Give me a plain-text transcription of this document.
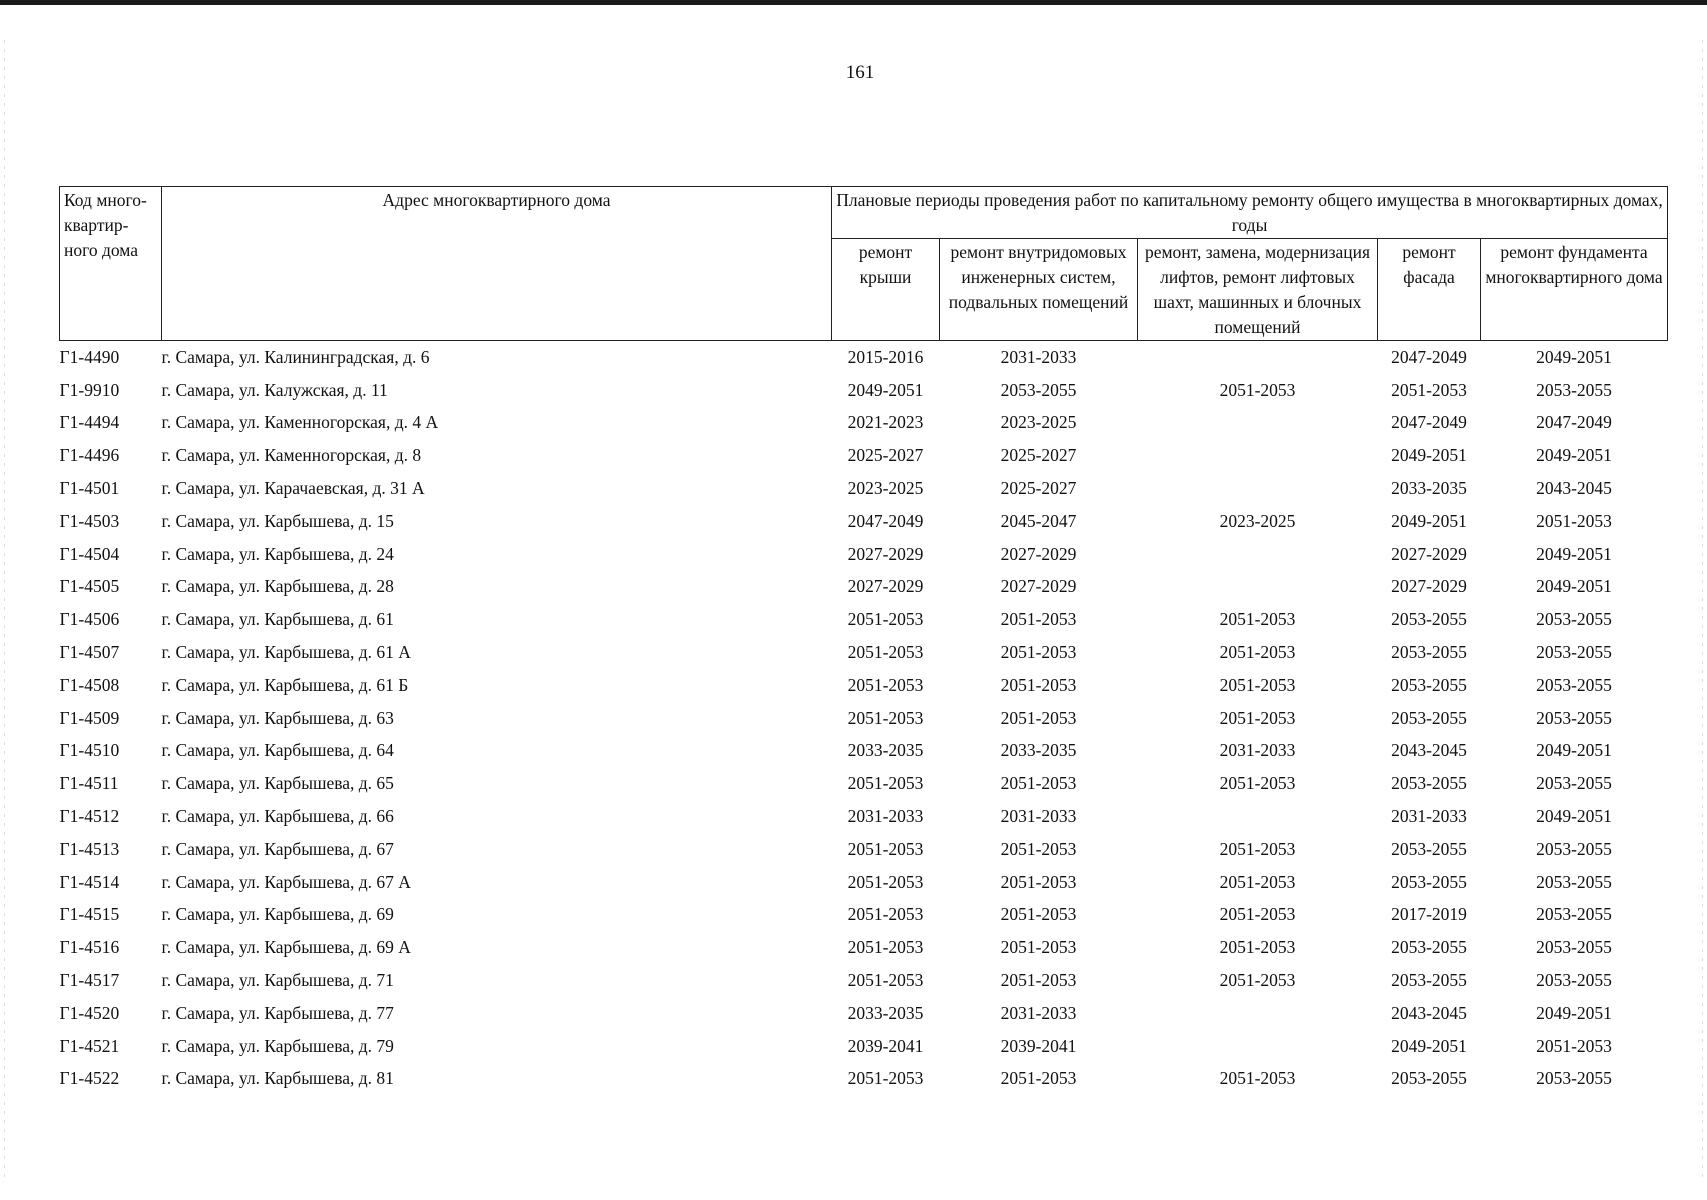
161
Код много-квартир-ного дома	Адрес многоквартирного дома	Плановые периоды проведения работ по капитальному ремонту общего имущества в многоквартирных домах, годы				
		ремонт крыши	ремонт внутридомовых инженерных систем, подвальных помещений	ремонт, замена, модернизация лифтов, ремонт лифтовых шахт, машинных и блочных помещений	ремонт фасада	ремонт фундамента многоквартирного дома
Г1-4490	г. Самара, ул. Калининградская, д. 6	2015-2016	2031-2033		2047-2049	2049-2051
Г1-9910	г. Самара, ул. Калужская, д. 11	2049-2051	2053-2055	2051-2053	2051-2053	2053-2055
Г1-4494	г. Самара, ул. Каменногорская, д. 4 А	2021-2023	2023-2025		2047-2049	2047-2049
Г1-4496	г. Самара, ул. Каменногорская, д. 8	2025-2027	2025-2027		2049-2051	2049-2051
Г1-4501	г. Самара, ул. Карачаевская, д. 31 А	2023-2025	2025-2027		2033-2035	2043-2045
Г1-4503	г. Самара, ул. Карбышева, д. 15	2047-2049	2045-2047	2023-2025	2049-2051	2051-2053
Г1-4504	г. Самара, ул. Карбышева, д. 24	2027-2029	2027-2029		2027-2029	2049-2051
Г1-4505	г. Самара, ул. Карбышева, д. 28	2027-2029	2027-2029		2027-2029	2049-2051
Г1-4506	г. Самара, ул. Карбышева, д. 61	2051-2053	2051-2053	2051-2053	2053-2055	2053-2055
Г1-4507	г. Самара, ул. Карбышева, д. 61 А	2051-2053	2051-2053	2051-2053	2053-2055	2053-2055
Г1-4508	г. Самара, ул. Карбышева, д. 61 Б	2051-2053	2051-2053	2051-2053	2053-2055	2053-2055
Г1-4509	г. Самара, ул. Карбышева, д. 63	2051-2053	2051-2053	2051-2053	2053-2055	2053-2055
Г1-4510	г. Самара, ул. Карбышева, д. 64	2033-2035	2033-2035	2031-2033	2043-2045	2049-2051
Г1-4511	г. Самара, ул. Карбышева, д. 65	2051-2053	2051-2053	2051-2053	2053-2055	2053-2055
Г1-4512	г. Самара, ул. Карбышева, д. 66	2031-2033	2031-2033		2031-2033	2049-2051
Г1-4513	г. Самара, ул. Карбышева, д. 67	2051-2053	2051-2053	2051-2053	2053-2055	2053-2055
Г1-4514	г. Самара, ул. Карбышева, д. 67 А	2051-2053	2051-2053	2051-2053	2053-2055	2053-2055
Г1-4515	г. Самара, ул. Карбышева, д. 69	2051-2053	2051-2053	2051-2053	2017-2019	2053-2055
Г1-4516	г. Самара, ул. Карбышева, д. 69 А	2051-2053	2051-2053	2051-2053	2053-2055	2053-2055
Г1-4517	г. Самара, ул. Карбышева, д. 71	2051-2053	2051-2053	2051-2053	2053-2055	2053-2055
Г1-4520	г. Самара, ул. Карбышева, д. 77	2033-2035	2031-2033		2043-2045	2049-2051
Г1-4521	г. Самара, ул. Карбышева, д. 79	2039-2041	2039-2041		2049-2051	2051-2053
Г1-4522	г. Самара, ул. Карбышева, д. 81	2051-2053	2051-2053	2051-2053	2053-2055	2053-2055
